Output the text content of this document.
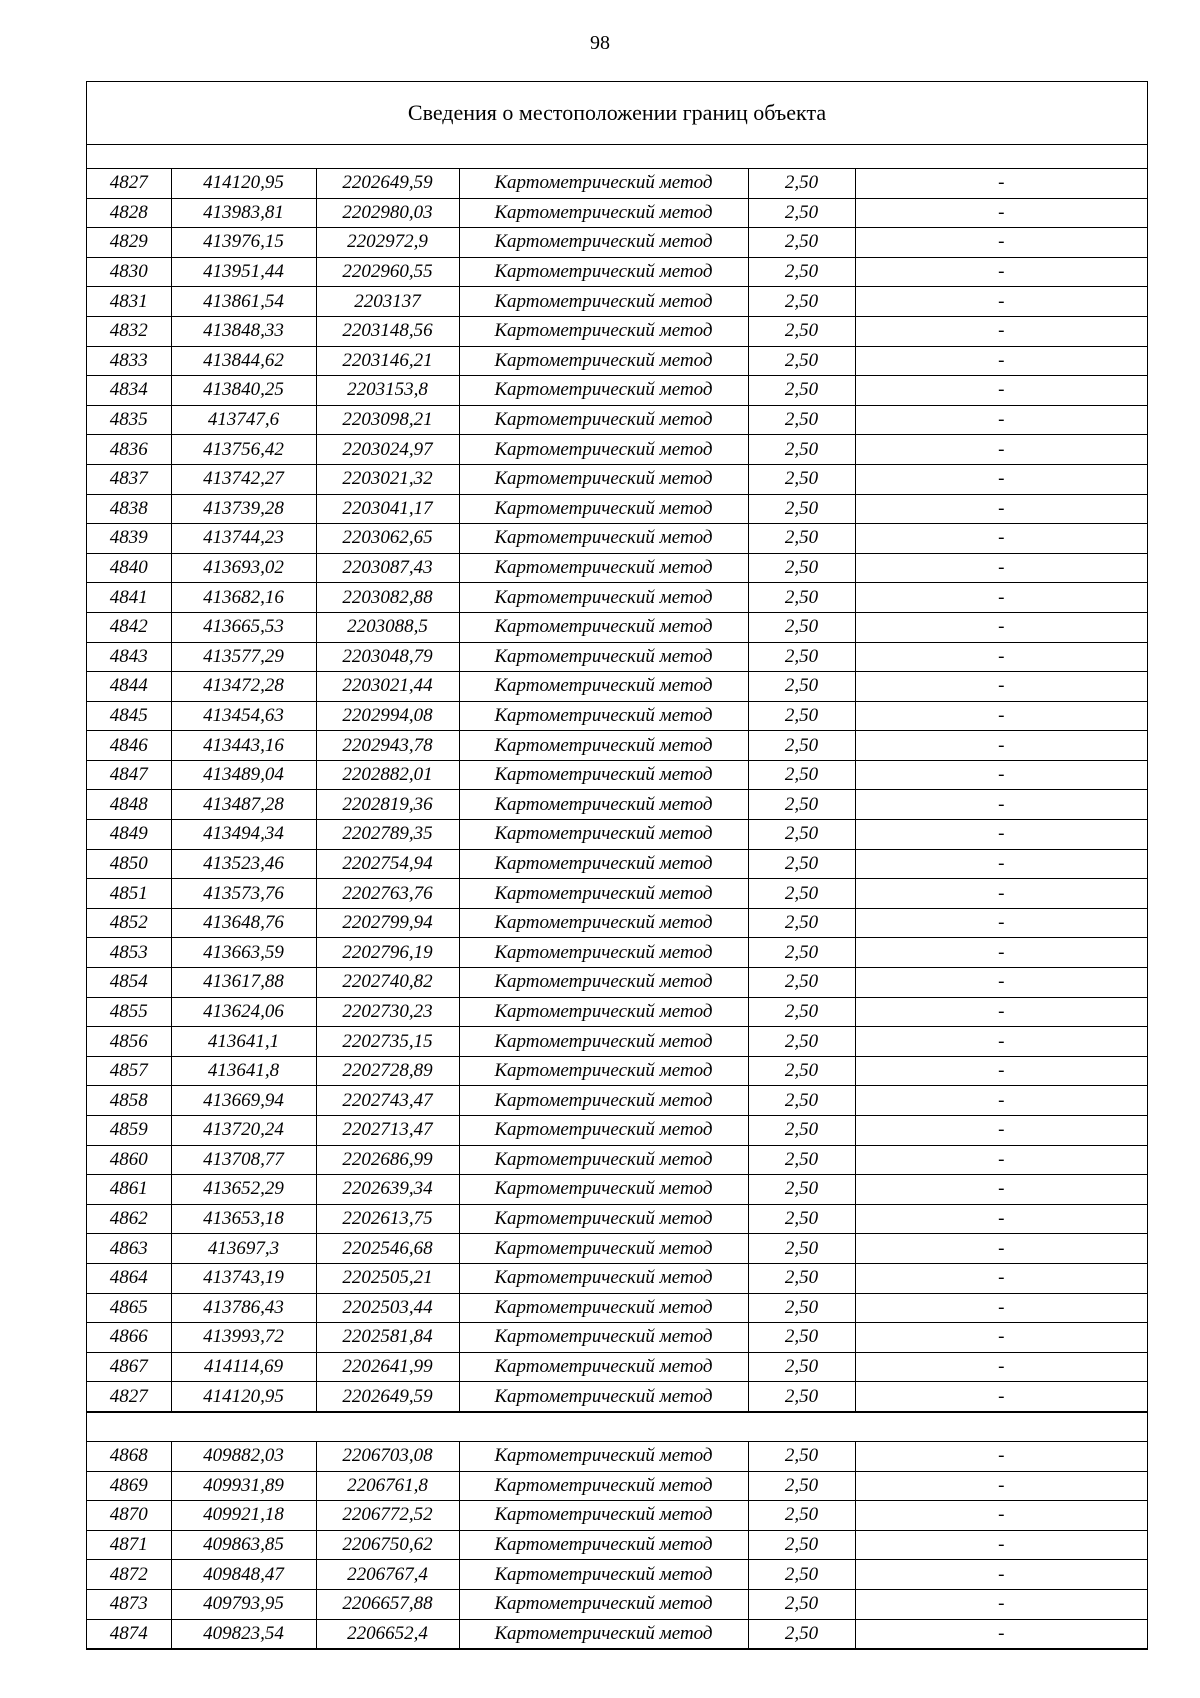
98
Сведения о местоположении границ объекта
4827	414120,95	2202649,59	Картометрический метод	2,50	-
4828	413983,81	2202980,03	Картометрический метод	2,50	-
4829	413976,15	2202972,9	Картометрический метод	2,50	-
4830	413951,44	2202960,55	Картометрический метод	2,50	-
4831	413861,54	2203137	Картометрический метод	2,50	-
4832	413848,33	2203148,56	Картометрический метод	2,50	-
4833	413844,62	2203146,21	Картометрический метод	2,50	-
4834	413840,25	2203153,8	Картометрический метод	2,50	-
4835	413747,6	2203098,21	Картометрический метод	2,50	-
4836	413756,42	2203024,97	Картометрический метод	2,50	-
4837	413742,27	2203021,32	Картометрический метод	2,50	-
4838	413739,28	2203041,17	Картометрический метод	2,50	-
4839	413744,23	2203062,65	Картометрический метод	2,50	-
4840	413693,02	2203087,43	Картометрический метод	2,50	-
4841	413682,16	2203082,88	Картометрический метод	2,50	-
4842	413665,53	2203088,5	Картометрический метод	2,50	-
4843	413577,29	2203048,79	Картометрический метод	2,50	-
4844	413472,28	2203021,44	Картометрический метод	2,50	-
4845	413454,63	2202994,08	Картометрический метод	2,50	-
4846	413443,16	2202943,78	Картометрический метод	2,50	-
4847	413489,04	2202882,01	Картометрический метод	2,50	-
4848	413487,28	2202819,36	Картометрический метод	2,50	-
4849	413494,34	2202789,35	Картометрический метод	2,50	-
4850	413523,46	2202754,94	Картометрический метод	2,50	-
4851	413573,76	2202763,76	Картометрический метод	2,50	-
4852	413648,76	2202799,94	Картометрический метод	2,50	-
4853	413663,59	2202796,19	Картометрический метод	2,50	-
4854	413617,88	2202740,82	Картометрический метод	2,50	-
4855	413624,06	2202730,23	Картометрический метод	2,50	-
4856	413641,1	2202735,15	Картометрический метод	2,50	-
4857	413641,8	2202728,89	Картометрический метод	2,50	-
4858	413669,94	2202743,47	Картометрический метод	2,50	-
4859	413720,24	2202713,47	Картометрический метод	2,50	-
4860	413708,77	2202686,99	Картометрический метод	2,50	-
4861	413652,29	2202639,34	Картометрический метод	2,50	-
4862	413653,18	2202613,75	Картометрический метод	2,50	-
4863	413697,3	2202546,68	Картометрический метод	2,50	-
4864	413743,19	2202505,21	Картометрический метод	2,50	-
4865	413786,43	2202503,44	Картометрический метод	2,50	-
4866	413993,72	2202581,84	Картометрический метод	2,50	-
4867	414114,69	2202641,99	Картометрический метод	2,50	-
4827	414120,95	2202649,59	Картометрический метод	2,50	-
4868	409882,03	2206703,08	Картометрический метод	2,50	-
4869	409931,89	2206761,8	Картометрический метод	2,50	-
4870	409921,18	2206772,52	Картометрический метод	2,50	-
4871	409863,85	2206750,62	Картометрический метод	2,50	-
4872	409848,47	2206767,4	Картометрический метод	2,50	-
4873	409793,95	2206657,88	Картометрический метод	2,50	-
4874	409823,54	2206652,4	Картометрический метод	2,50	-
